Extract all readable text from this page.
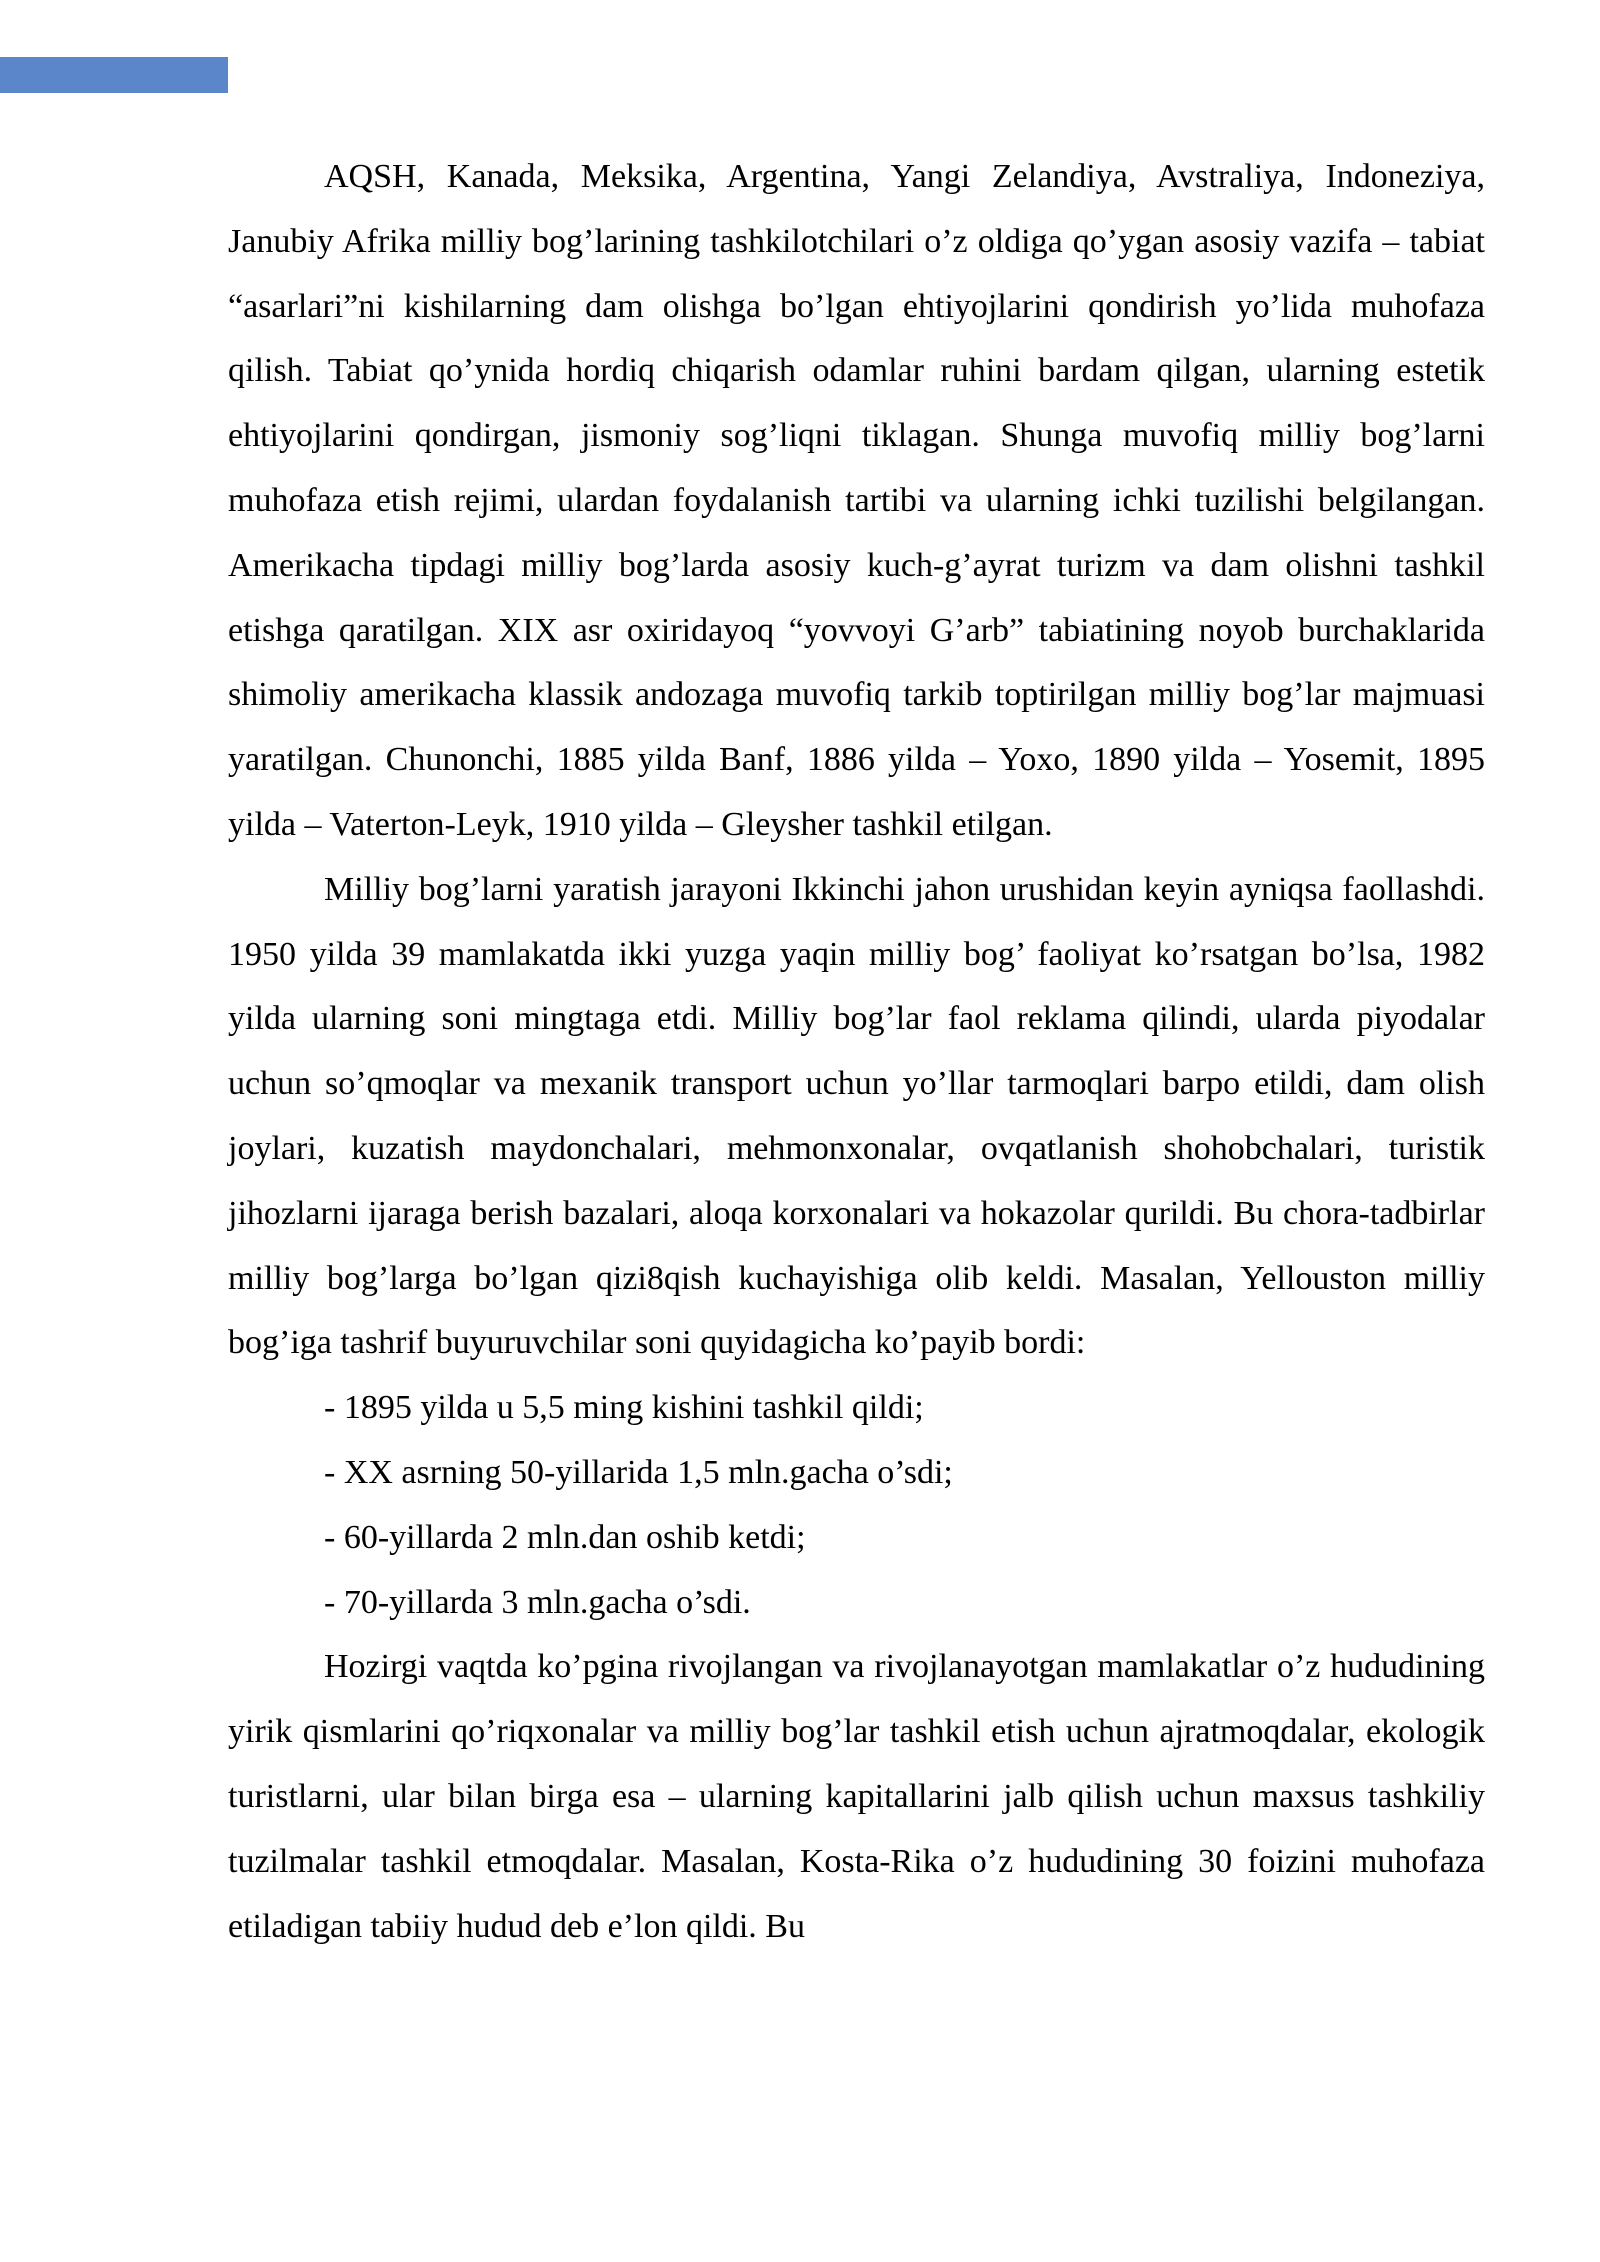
AQSH, Kanada, Meksika, Argentina, Yangi Zelandiya, Avstraliya, Indoneziya, Janubiy Afrika milliy bog’larining tashkilotchilari o’z oldiga qo’ygan asosiy vazifa – tabiat “asarlari”ni kishilarning dam olishga bo’lgan ehtiyojlarini qondirish yo’lida muhofaza qilish. Tabiat qo’ynida hordiq chiqarish odamlar ruhini bardam qilgan, ularning estetik ehtiyojlarini qondirgan, jismoniy sog’liqni tiklagan. Shunga muvofiq milliy bog’larni muhofaza etish rejimi, ulardan foydalanish tartibi va ularning ichki tuzilishi belgilangan. Amerikacha tipdagi milliy bog’larda asosiy kuch-g’ayrat turizm va dam olishni tashkil etishga qaratilgan. XIX asr oxiridayoq “yovvoyi G’arb” tabiatining noyob burchaklarida shimoliy amerikacha klassik andozaga muvofiq tarkib toptirilgan milliy bog’lar majmuasi yaratilgan. Chunonchi, 1885 yilda Banf, 1886 yilda – Yoxo, 1890 yilda – Yosemit, 1895 yilda – Vaterton-Leyk, 1910 yilda – Gleysher tashkil etilgan.

Milliy bog’larni yaratish jarayoni Ikkinchi jahon urushidan keyin ayniqsa faollashdi. 1950 yilda 39 mamlakatda ikki yuzga yaqin milliy bog’ faoliyat ko’rsatgan bo’lsa, 1982 yilda ularning soni mingtaga etdi. Milliy bog’lar faol reklama qilindi, ularda piyodalar uchun so’qmoqlar va mexanik transport uchun yo’llar tarmoqlari barpo etildi, dam olish joylari, kuzatish maydonchalari, mehmonxonalar, ovqatlanish shohobchalari, turistik jihozlarni ijaraga berish bazalari, aloqa korxonalari va hokazolar qurildi. Bu chora-tadbirlar milliy bog’larga bo’lgan qizi8qish kuchayishiga olib keldi. Masalan, Yellouston milliy bog’iga tashrif buyuruvchilar soni quyidagicha ko’payib bordi:

- 1895 yilda u 5,5 ming kishini tashkil qildi;

- XX asrning 50-yillarida 1,5 mln.gacha o’sdi;

- 60-yillarda 2 mln.dan oshib ketdi;

- 70-yillarda 3 mln.gacha o’sdi.

Hozirgi vaqtda ko’pgina rivojlangan va rivojlanayotgan mamlakatlar o’z hududining yirik qismlarini qo’riqxonalar va milliy bog’lar tashkil etish uchun ajratmoqdalar, ekologik turistlarni, ular bilan birga esa – ularning kapitallarini jalb qilish uchun maxsus tashkiliy tuzilmalar tashkil etmoqdalar. Masalan, Kosta-Rika o’z hududining 30 foizini muhofaza etiladigan tabiiy hudud deb e’lon qildi. Bu
